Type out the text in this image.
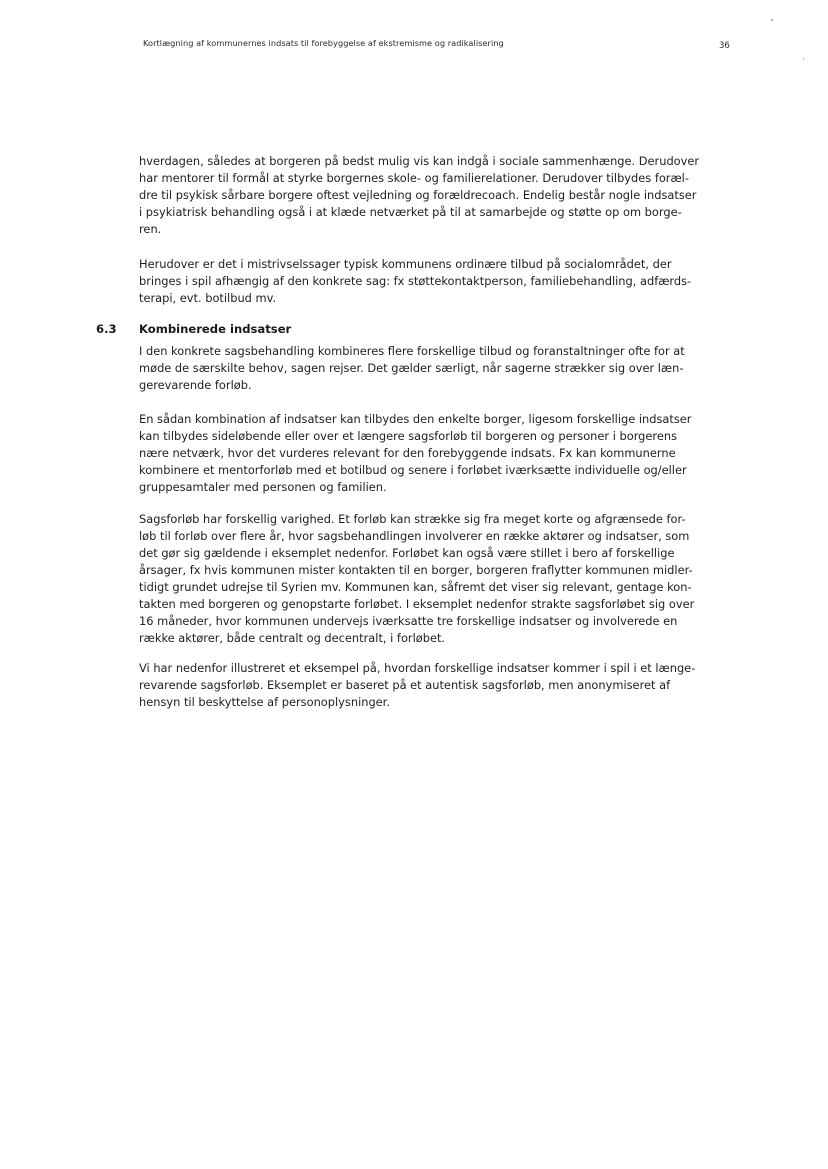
Kortlægning af kommunernes indsats til forebyggelse af ekstremisme og radikalisering	36
hverdagen, således at borgeren på bedst mulig vis kan indgå i sociale sammenhænge. Derudover
har mentorer til formål at styrke borgernes skole- og familierelationer. Derudover tilbydes foræl-
dre til psykisk sårbare borgere oftest vejledning og forældrecoach. Endelig består nogle indsatser
i psykiatrisk behandling også i at klæde netværket på til at samarbejde og støtte op om borge-
ren.
Herudover er det i mistrivselssager typisk kommunens ordinære tilbud på socialområdet, der
bringes i spil afhængig af den konkrete sag: fx støttekontaktperson, familiebehandling, adfærds-
terapi, evt. botilbud mv.
6.3 Kombinerede indsatser
I den konkrete sagsbehandling kombineres flere forskellige tilbud og foranstaltninger ofte for at
møde de særskilte behov, sagen rejser. Det gælder særligt, når sagerne strækker sig over læn-
gerevarende forløb.
En sådan kombination af indsatser kan tilbydes den enkelte borger, ligesom forskellige indsatser
kan tilbydes sideløbende eller over et længere sagsforløb til borgeren og personer i borgerens
nære netværk, hvor det vurderes relevant for den forebyggende indsats. Fx kan kommunerne
kombinere et mentorforløb med et botilbud og senere i forløbet iværksætte individuelle og/eller
gruppesamtaler med personen og familien.
Sagsforløb har forskellig varighed. Et forløb kan strække sig fra meget korte og afgrænsede for-
løb til forløb over flere år, hvor sagsbehandlingen involverer en række aktører og indsatser, som
det gør sig gældende i eksemplet nedenfor. Forløbet kan også være stillet i bero af forskellige
årsager, fx hvis kommunen mister kontakten til en borger, borgeren fraflytter kommunen midler-
tidigt grundet udrejse til Syrien mv. Kommunen kan, såfremt det viser sig relevant, gentage kon-
takten med borgeren og genopstarte forløbet. I eksemplet nedenfor strakte sagsforløbet sig over
16 måneder, hvor kommunen undervejs iværksatte tre forskellige indsatser og involverede en
række aktører, både centralt og decentralt, i forløbet.
Vi har nedenfor illustreret et eksempel på, hvordan forskellige indsatser kommer i spil i et længe-
revarende sagsforløb. Eksemplet er baseret på et autentisk sagsforløb, men anonymiseret af
hensyn til beskyttelse af personoplysninger.
